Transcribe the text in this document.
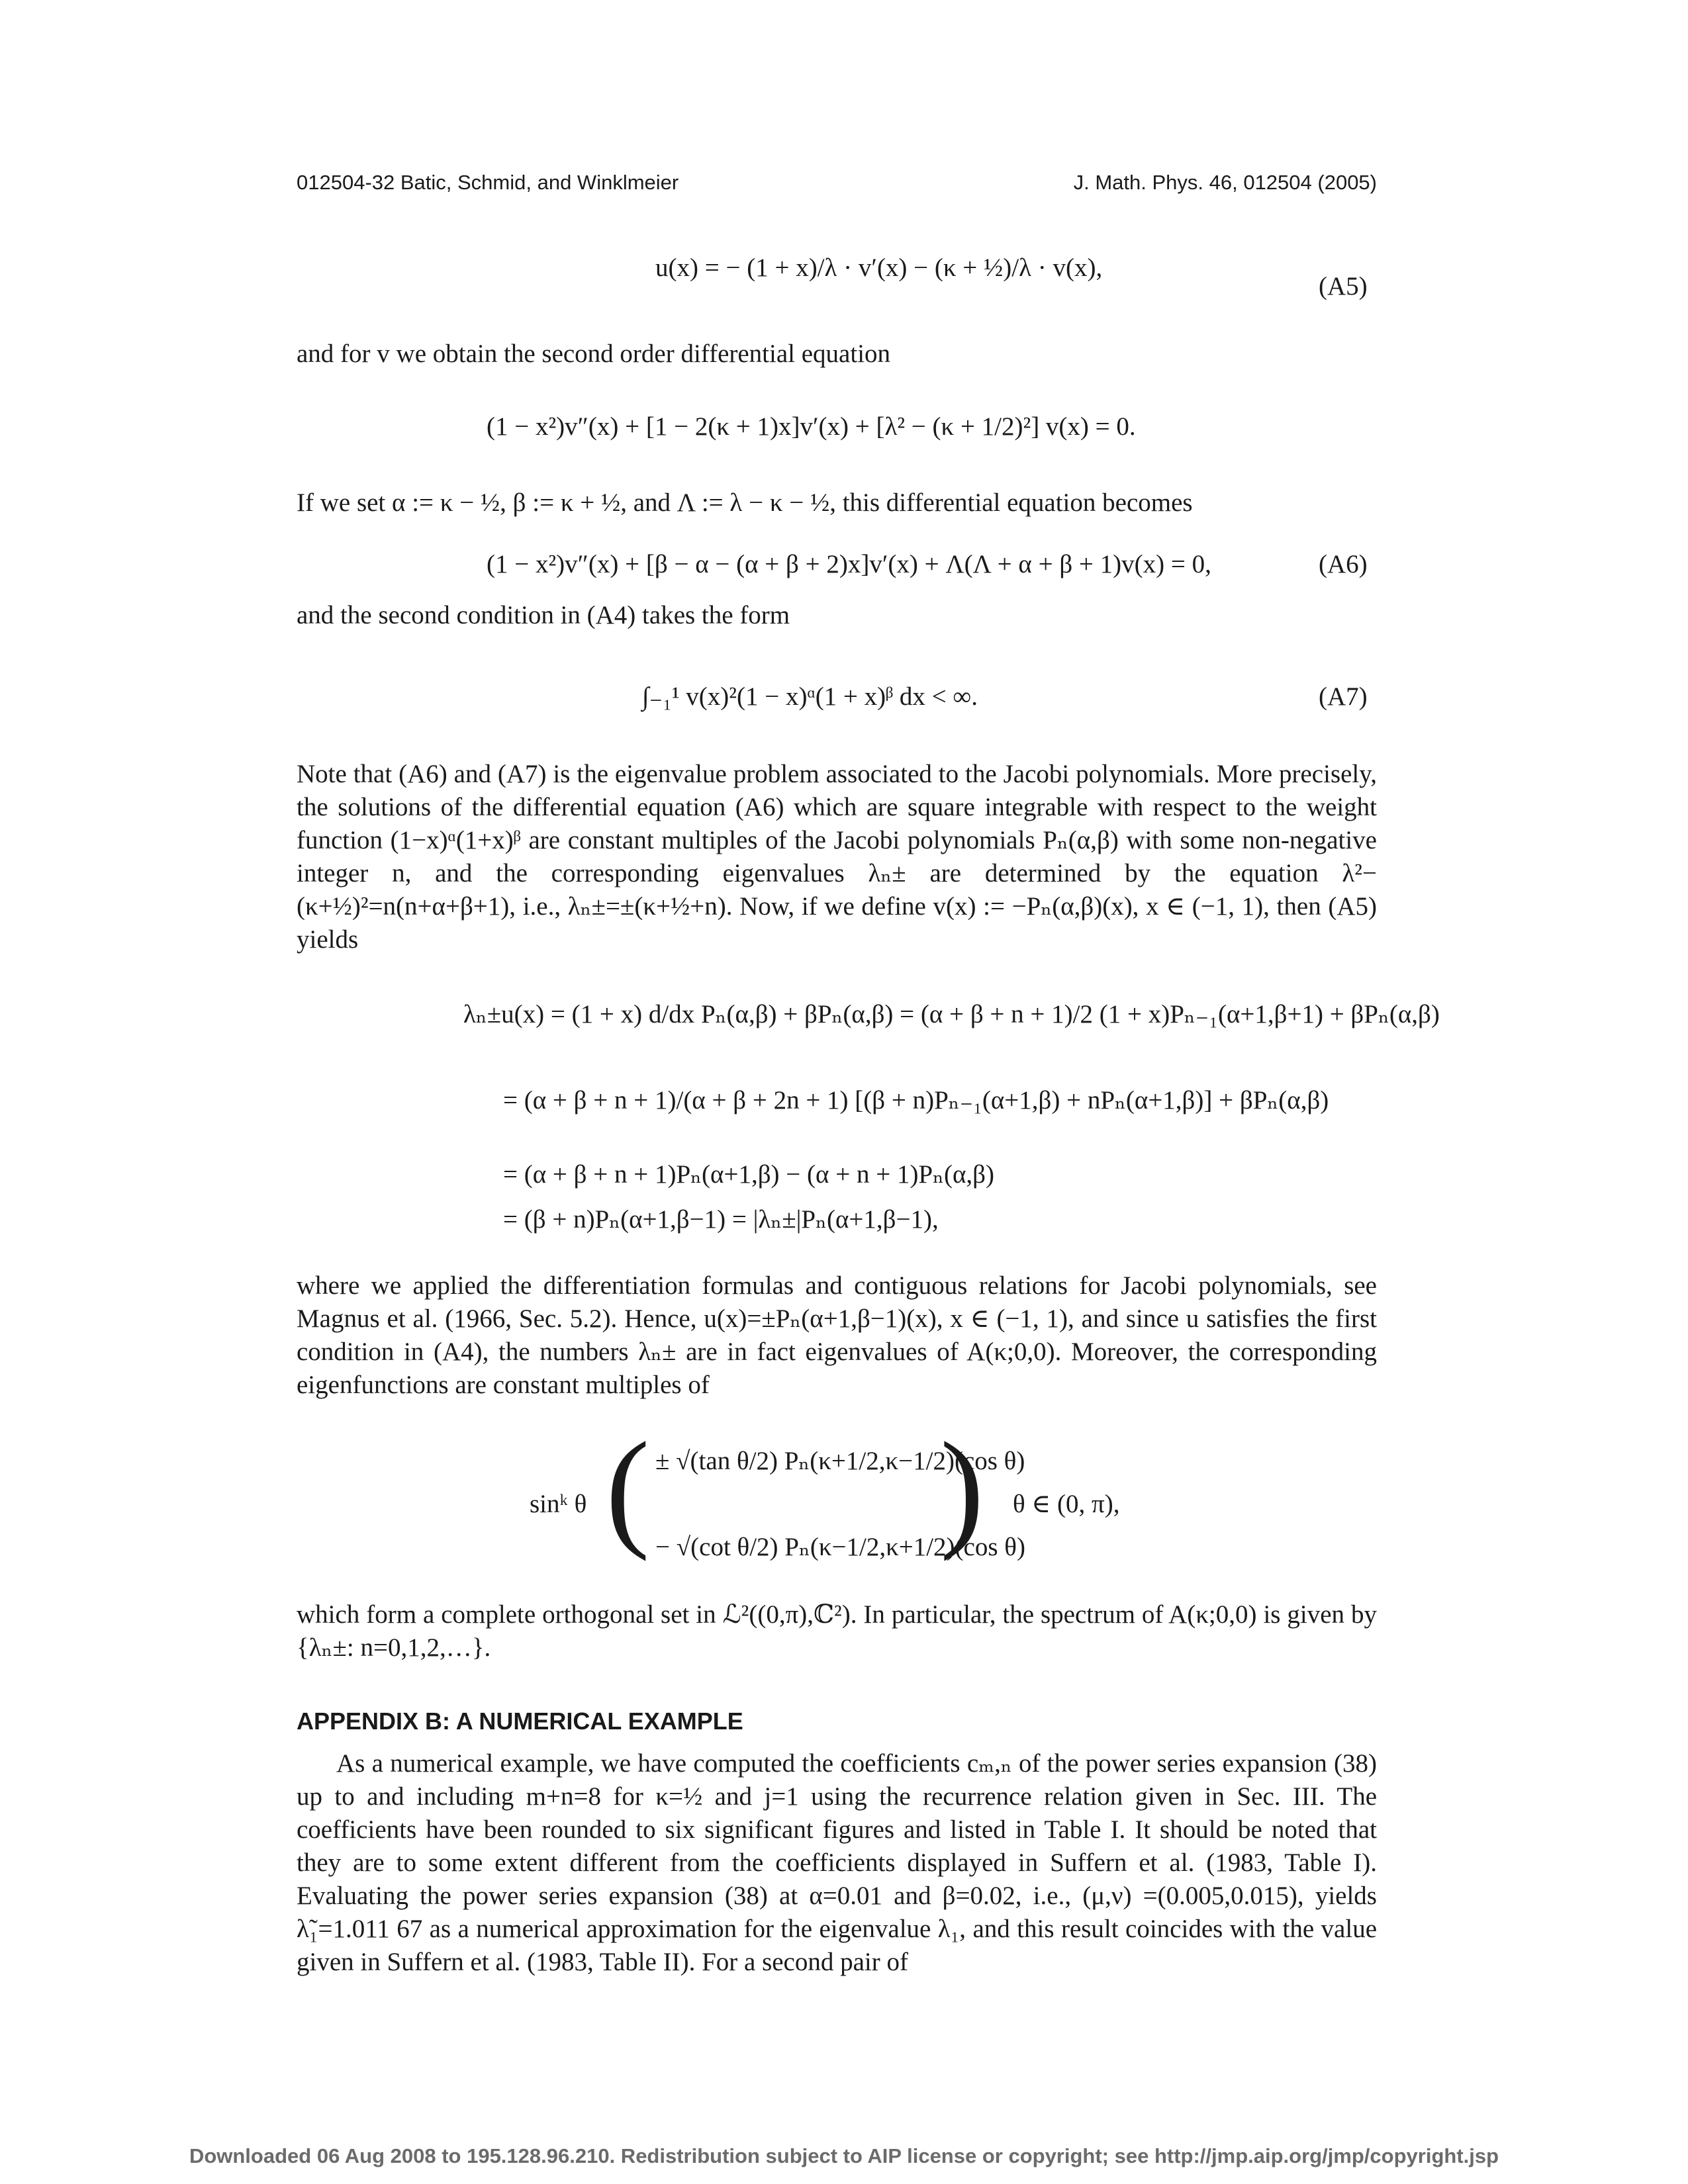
012504-32 Batic, Schmid, and Winklmeier	J. Math. Phys. 46, 012504 (2005)
u(x) = − (1 + x)/λ · v′(x) − (κ + ½)/λ · v(x),
(A5)
and for v we obtain the second order differential equation
(1 − x²)v″(x) + [1 − 2(κ + 1)x]v′(x) + [λ² − (κ + 1/2)²] v(x) = 0.
If we set α := κ − ½, β := κ + ½, and Λ := λ − κ − ½, this differential equation becomes
(1 − x²)v″(x) + [β − α − (α + β + 2)x]v′(x) + Λ(Λ + α + β + 1)v(x) = 0,	(A6)
and the second condition in (A4) takes the form
∫₋₁¹ v(x)²(1 − x)ᵅ(1 + x)ᵝ dx < ∞.	(A7)
Note that (A6) and (A7) is the eigenvalue problem associated to the Jacobi polynomials. More precisely, the solutions of the differential equation (A6) which are square integrable with respect to the weight function (1−x)ᵅ(1+x)ᵝ are constant multiples of the Jacobi polynomials Pₙ(α,β) with some non-negative integer n, and the corresponding eigenvalues λₙ± are determined by the equation λ²−(κ+½)²=n(n+α+β+1), i.e., λₙ±=±(κ+½+n). Now, if we define v(x) := −Pₙ(α,β)(x), x ∈ (−1, 1), then (A5) yields
λₙ±u(x) = (1 + x) d/dx Pₙ(α,β) + βPₙ(α,β) = (α + β + n + 1)/2 (1 + x)Pₙ₋₁(α+1,β+1) + βPₙ(α,β)
= (α + β + n + 1)/(α + β + 2n + 1) [(β + n)Pₙ₋₁(α+1,β) + nPₙ(α+1,β)] + βPₙ(α,β)
= (α + β + n + 1)Pₙ(α+1,β) − (α + n + 1)Pₙ(α,β)
= (β + n)Pₙ(α+1,β−1) = |λₙ±|Pₙ(α+1,β−1),
where we applied the differentiation formulas and contiguous relations for Jacobi polynomials, see Magnus et al. (1966, Sec. 5.2). Hence, u(x)=±Pₙ(α+1,β−1)(x), x ∈ (−1, 1), and since u satisfies the first condition in (A4), the numbers λₙ± are in fact eigenvalues of A(κ;0,0). Moreover, the corresponding eigenfunctions are constant multiples of
sinᵏ θ ( ± √(tan θ/2) Pₙ(κ+1/2,κ−1/2)(cos θ)
− √(cot θ/2) Pₙ(κ−1/2,κ+1/2)(cos θ)
) θ ∈ (0, π),
which form a complete orthogonal set in ℒ²((0,π),ℂ²). In particular, the spectrum of A(κ;0,0) is given by {λₙ±: n=0,1,2,…}.
APPENDIX B: A NUMERICAL EXAMPLE
As a numerical example, we have computed the coefficients cₘ,ₙ of the power series expansion (38) up to and including m+n=8 for κ=½ and j=1 using the recurrence relation given in Sec. III. The coefficients have been rounded to six significant figures and listed in Table I. It should be noted that they are to some extent different from the coefficients displayed in Suffern et al. (1983, Table I). Evaluating the power series expansion (38) at α=0.01 and β=0.02, i.e., (μ,ν) =(0.005,0.015), yields λ̃₁=1.011 67 as a numerical approximation for the eigenvalue λ₁, and this result coincides with the value given in Suffern et al. (1983, Table II). For a second pair of
Downloaded 06 Aug 2008 to 195.128.96.210. Redistribution subject to AIP license or copyright; see http://jmp.aip.org/jmp/copyright.jsp
